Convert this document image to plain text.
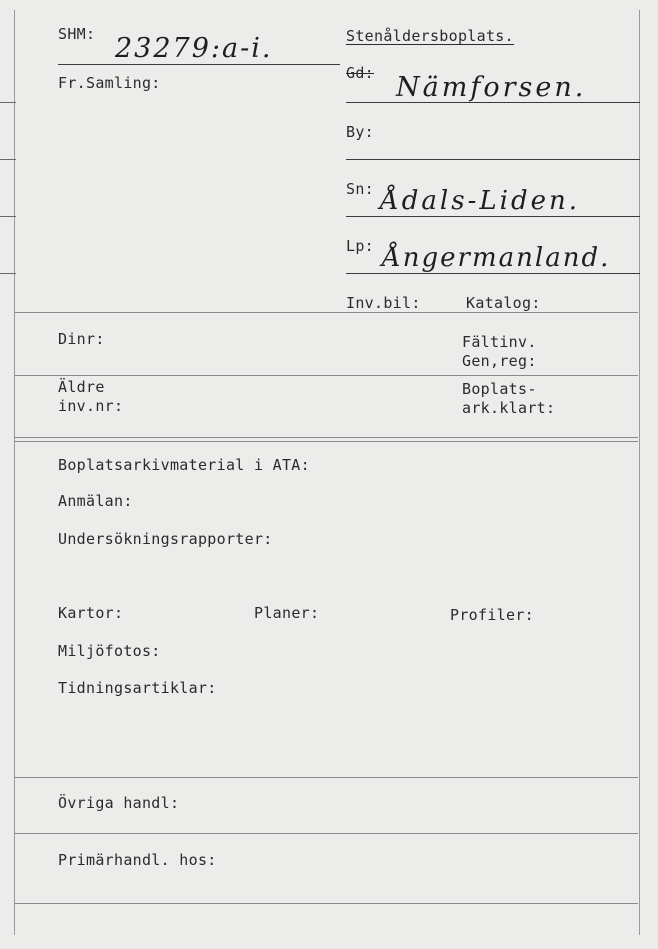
SHM: 23279:a-i.
Fr.Samling:
Stenåldersboplats.
Gd: Nämforsen.
By:
Sn: Ådals-Liden.
Lp: Ångermanland.
Inv.bil:	Katalog:
Dinr:	Fältinv.
Gen,reg:
Äldre
inv.nr:
Boplats-
ark.klart:
Boplatsarkivmaterial i ATA:
Anmälan:
Undersökningsrapporter:
Kartor:	Planer:	Profiler:
Miljöfotos:
Tidningsartiklar:
Övriga handl:
Primärhandl. hos:
